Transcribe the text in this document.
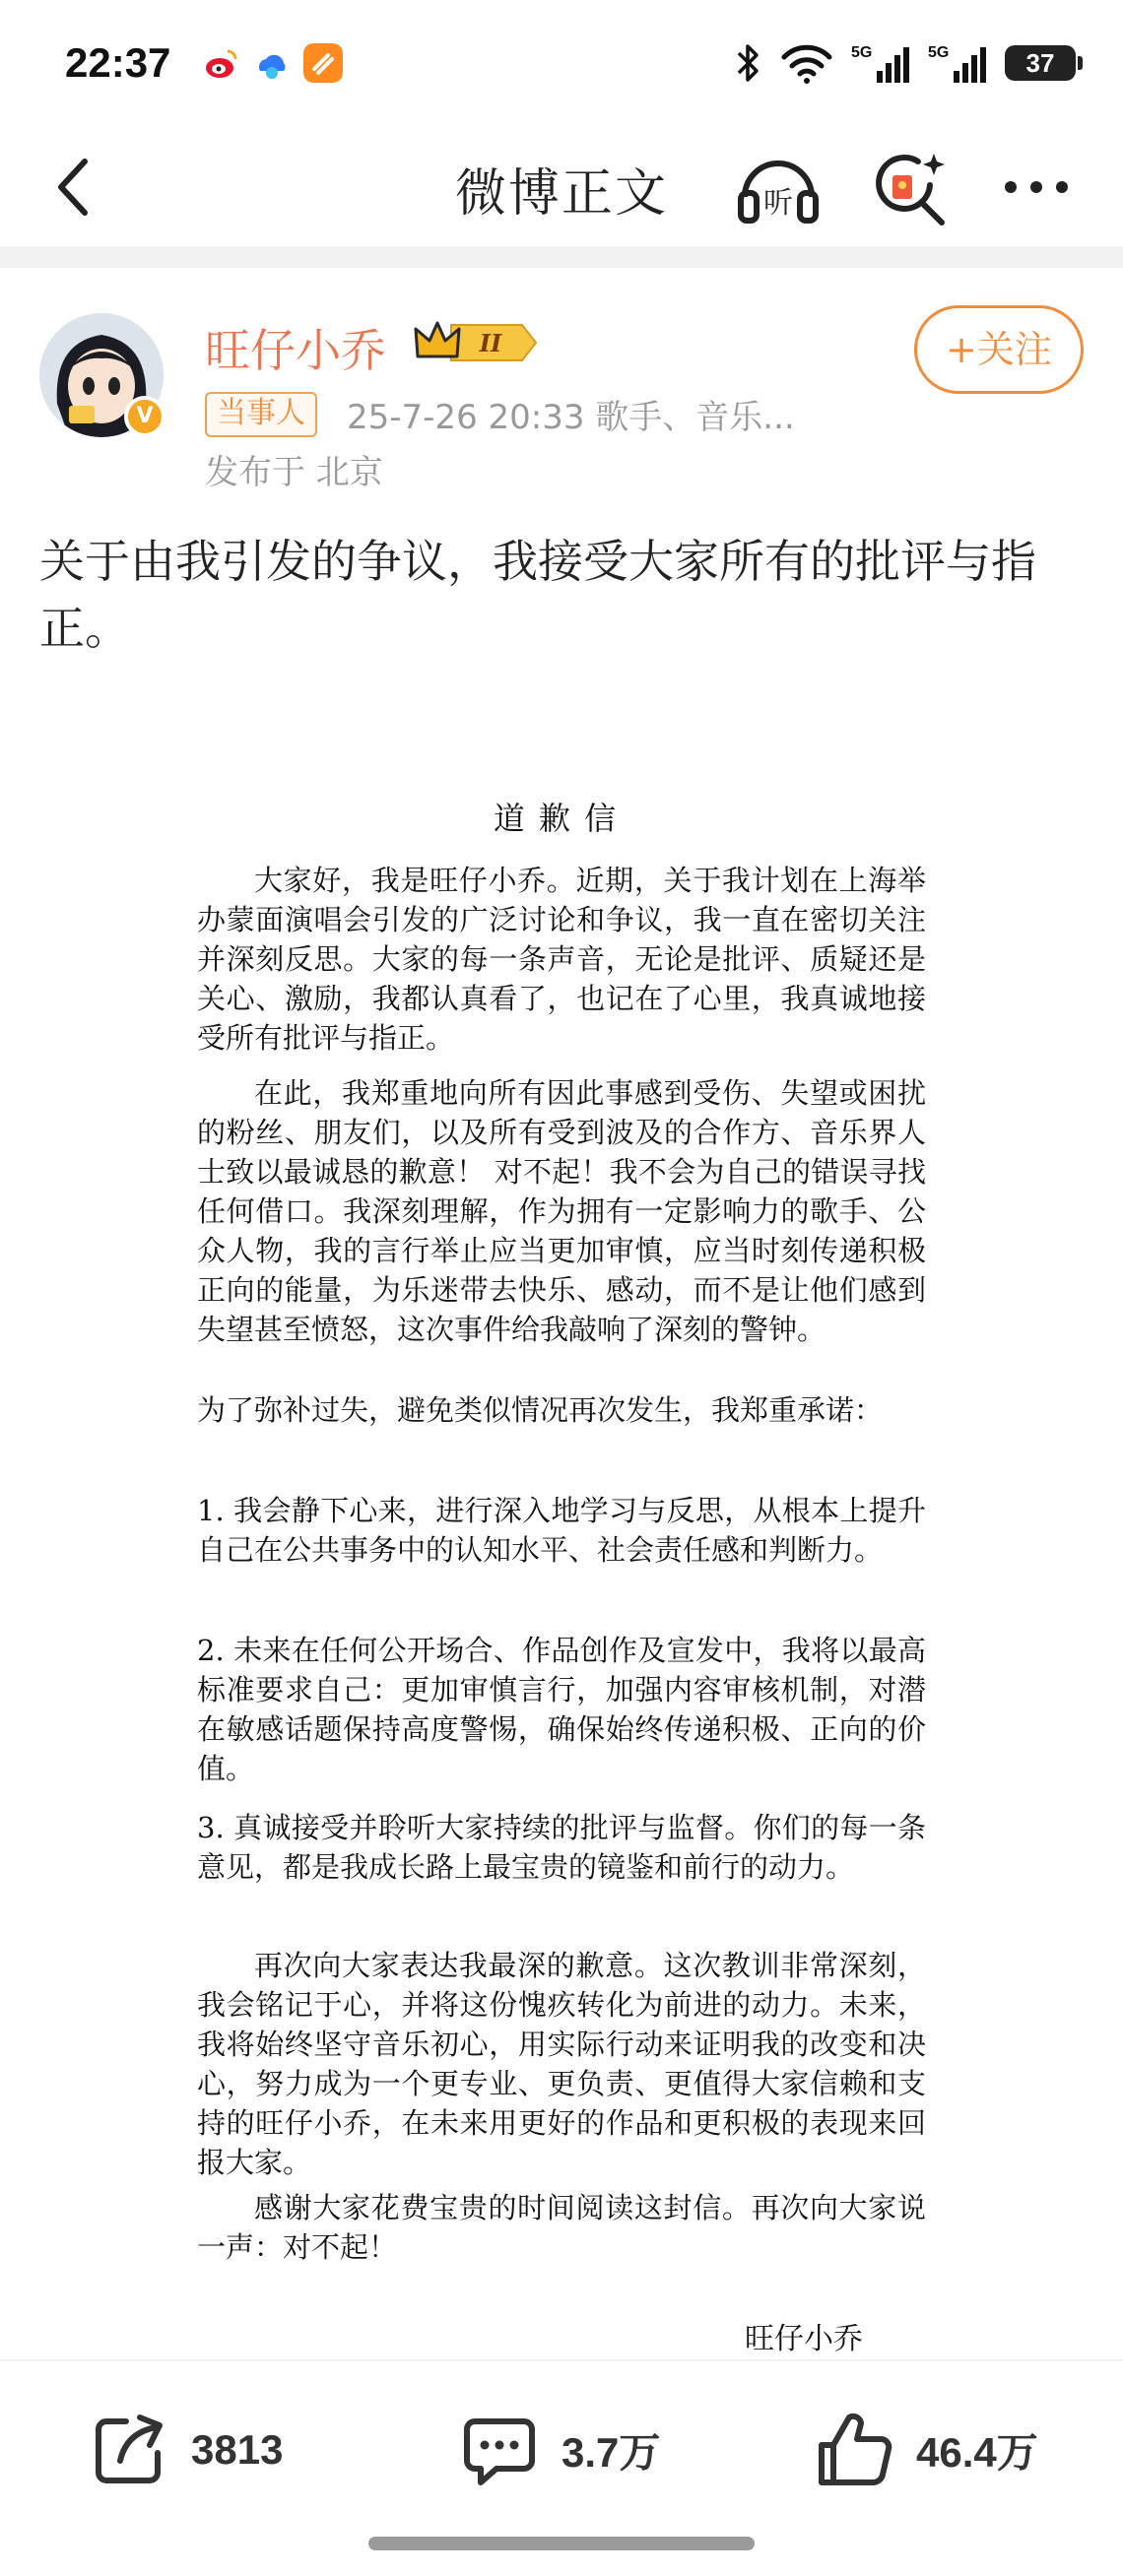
22:37	5G	5G	37
微博正文	听
V
旺仔小乔	II	+关注
当事人	25-7-26 20:33 歌手、音乐...
发布于 北京
关于由我引发的争议，我接受大家所有的批评与指正。
道歉信
大家好，我是旺仔小乔。近期，关于我计划在上海举办蒙面演唱会引发的广泛讨论和争议，我一直在密切关注并深刻反思。大家的每一条声音，无论是批评、质疑还是关心、激励，我都认真看了，也记在了心里，我真诚地接受所有批评与指正。
在此，我郑重地向所有因此事感到受伤、失望或困扰的粉丝、朋友们，以及所有受到波及的合作方、音乐界人士致以最诚恳的歉意！ 对不起！我不会为自己的错误寻找任何借口。我深刻理解，作为拥有一定影响力的歌手、公众人物，我的言行举止应当更加审慎，应当时刻传递积极正向的能量，为乐迷带去快乐、感动，而不是让他们感到失望甚至愤怒，这次事件给我敲响了深刻的警钟。
为了弥补过失，避免类似情况再次发生，我郑重承诺：
1. 我会静下心来，进行深入地学习与反思，从根本上提升自己在公共事务中的认知水平、社会责任感和判断力。
2. 未来在任何公开场合、作品创作及宣发中，我将以最高标准要求自己：更加审慎言行，加强内容审核机制，对潜在敏感话题保持高度警惕，确保始终传递积极、正向的价值。
3. 真诚接受并聆听大家持续的批评与监督。你们的每一条意见，都是我成长路上最宝贵的镜鉴和前行的动力。
再次向大家表达我最深的歉意。这次教训非常深刻，我会铭记于心，并将这份愧疚转化为前进的动力。未来，我将始终坚守音乐初心，用实际行动来证明我的改变和决心，努力成为一个更专业、更负责、更值得大家信赖和支持的旺仔小乔，在未来用更好的作品和更积极的表现来回报大家。
感谢大家花费宝贵的时间阅读这封信。再次向大家说一声：对不起！
旺仔小乔
3813	3.7万	46.4万
